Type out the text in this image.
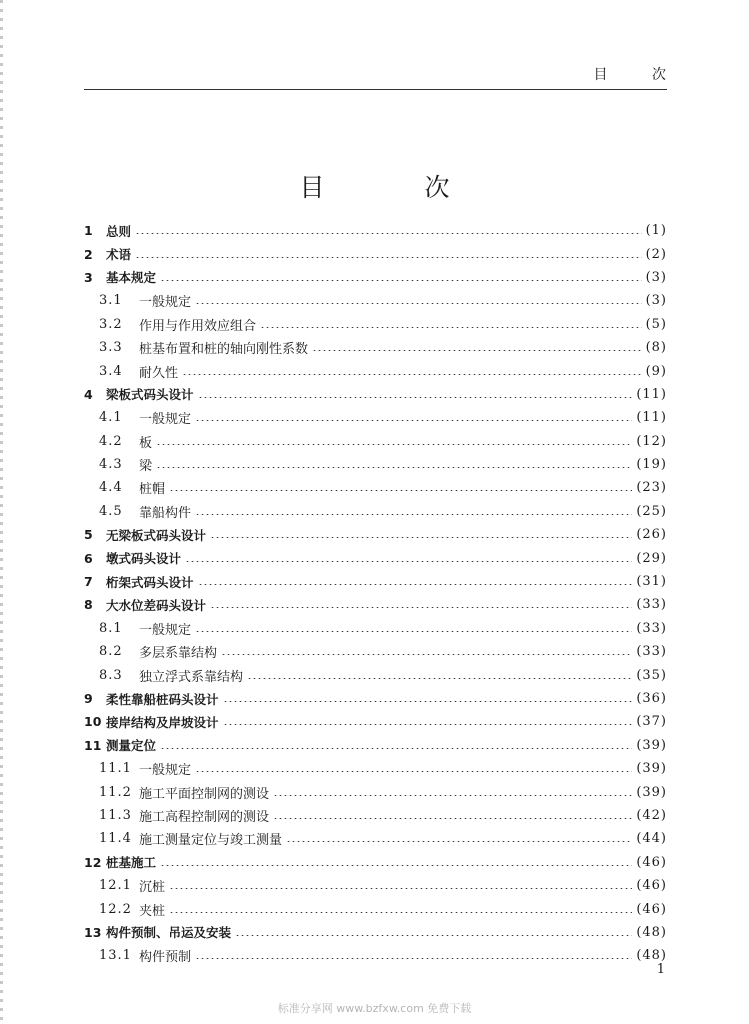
目 次
目 次
1	总则	(1)
2	术语	(2)
3	基本规定	(3)
3.1	一般规定	(3)
3.2	作用与作用效应组合	(5)
3.3	桩基布置和桩的轴向刚性系数	(8)
3.4	耐久性	(9)
4	梁板式码头设计	(11)
4.1	一般规定	(11)
4.2	板	(12)
4.3	梁	(19)
4.4	桩帽	(23)
4.5	靠船构件	(25)
5	无梁板式码头设计	(26)
6	墩式码头设计	(29)
7	桁架式码头设计	(31)
8	大水位差码头设计	(33)
8.1	一般规定	(33)
8.2	多层系靠结构	(33)
8.3	独立浮式系靠结构	(35)
9	柔性靠船桩码头设计	(36)
10 接岸结构及岸坡设计	(37)
11 测量定位	(39)
11.1 一般规定	(39)
11.2 施工平面控制网的测设	(39)
11.3 施工高程控制网的测设	(42)
11.4 施工测量定位与竣工测量	(44)
12 桩基施工	(46)
12.1 沉桩	(46)
12.2 夹桩	(46)
13 构件预制、吊运及安装	(48)
13.1 构件预制	(48)
1
标准分享网 www.bzfxw.com 免费下载
